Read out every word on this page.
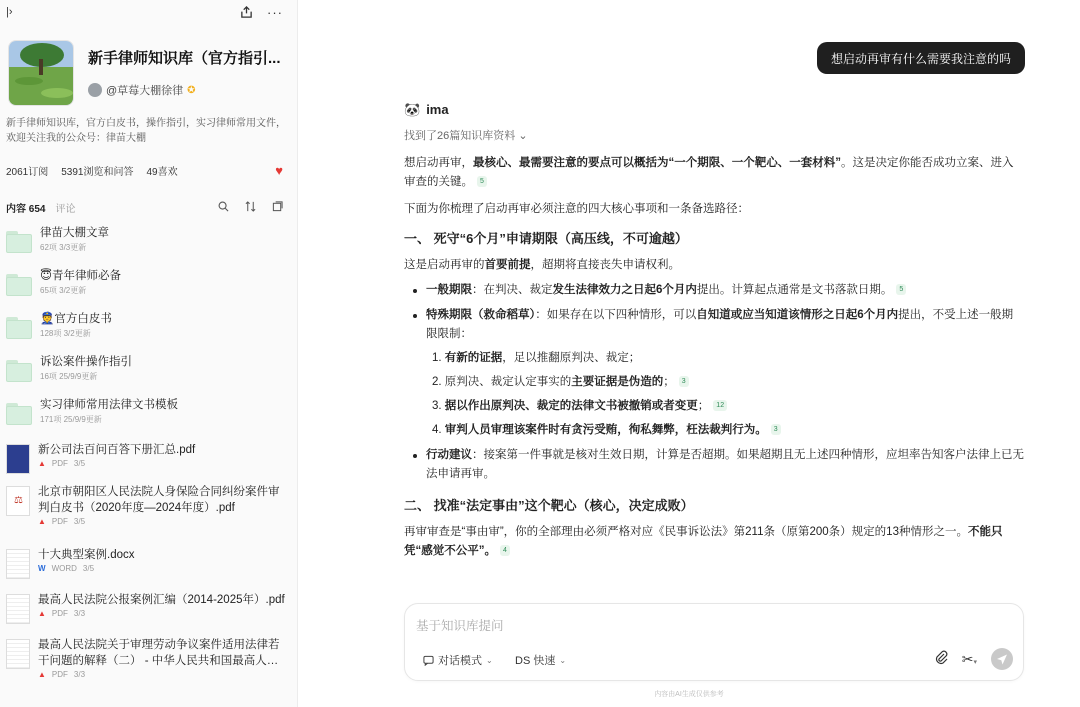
|›	···
新手律师知识库（官方指引...
@草莓大棚徐律 ✪
新手律师知识库，官方白皮书，操作指引，实习律师常用文件，欢迎关注我的公众号：律苗大棚
2061订阅 5391浏览和问答 49喜欢	♥
内容 654 评论
律苗大棚文章
62项 3/3更新
😇青年律师必备
65项 3/2更新
👮官方白皮书
128项 3/2更新
诉讼案件操作指引
16项 25/9/9更新
实习律师常用法律文书模板
171项 25/9/9更新
新公司法百问百答下册汇总.pdf
▲ PDF 3/5
⚖
北京市朝阳区人民法院人身保险合同纠纷案件审判白皮书（2020年度—2024年度）.pdf
▲ PDF 3/5
十大典型案例.docx
W WORD 3/5
最高人民法院公报案例汇编（2014-2025年）.pdf
▲ PDF 3/3
最高人民法院关于审理劳动争议案件适用法律若干问题的解释（二） - 中华人民共和国最高人民
▲ PDF 3/3
想启动再审有什么需要我注意的吗
🐼 ima
找到了26篇知识库资料 ⌄
想启动再审，最核心、最需要注意的要点可以概括为“一个期限、一个靶心、一套材料”。这是决定你能否成功立案、进入审查的关键。 5
下面为你梳理了启动再审必须注意的四大核心事项和一条备选路径：
一、 死守“6个月”申请期限（高压线，不可逾越）
这是启动再审的首要前提，超期将直接丧失申请权利。
一般期限：在判决、裁定发生法律效力之日起6个月内提出。计算起点通常是文书落款日期。 5
特殊期限（救命稻草）：如果存在以下四种情形，可以自知道或应当知道该情形之日起6个月内提出，不受上述一般期限限制：
1. 有新的证据，足以推翻原判决、裁定；
2. 原判决、裁定认定事实的主要证据是伪造的； 3
3. 据以作出原判决、裁定的法律文书被撤销或者变更； 12
4. 审判人员审理该案件时有贪污受贿，徇私舞弊，枉法裁判行为。 3
行动建议：接案第一件事就是核对生效日期，计算是否超期。如果超期且无上述四种情形，应坦率告知客户法律上已无法申请再审。
二、 找准“法定事由”这个靶心（核心，决定成败）
再审审查是“事由审”，你的全部理由必须严格对应《民事诉讼法》第211条（原第200条）规定的13种情形之一。不能只凭“感觉不公平”。 4
基于知识库提问
对话模式 ⌄ DS 快速 ⌄	✂▾
内容由AI生成仅供参考
